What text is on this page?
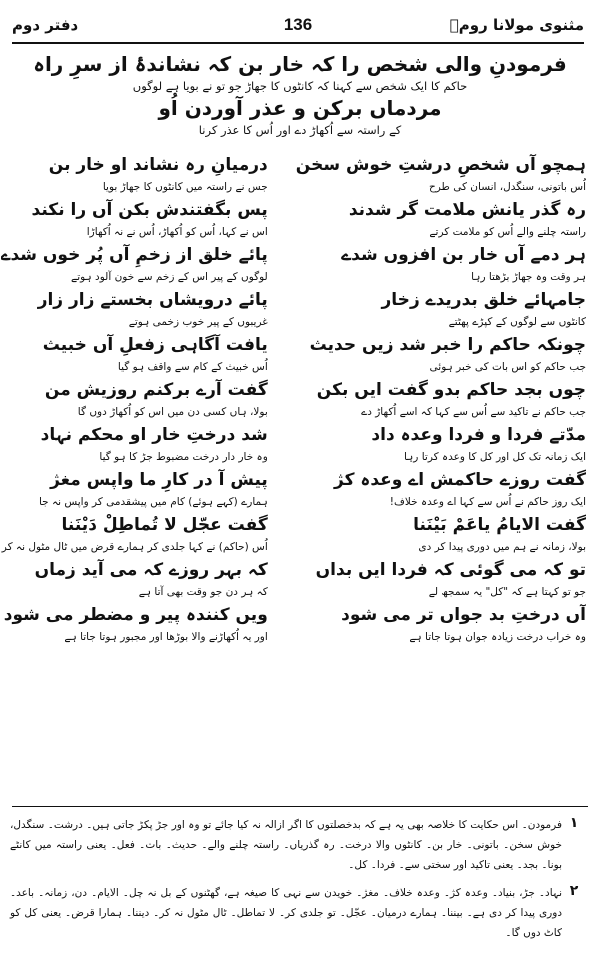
مثنوی مولانا رومؒ
136
دفتر دوم
فرمودنِ والی شخص را کہ خار بن کہ نشاندۂ از سرِ راہ
حاکم کا ایک شخص سے کہنا کہ کانٹوں کا جھاڑ جو تو نے بویا ہے لوگوں
مردماں برکن و عذر آوردن اُو
کے راستہ سے اُکھاڑ دے اور اُس کا عذر کرنا
ہمچو آں شخصِ درشتِ خوش سخن
اُس باتونی، سنگدل، انسان کی طرح
رہ گذر یانش ملامت گر شدند
راستہ چلنے والے اُس کو ملامت کرتے
ہر دمے آں خار بن افزوں شدے
ہر وقت وہ جھاڑ بڑھتا رہا
جامہائے خلق بدریدے زخار
کانٹوں سے لوگوں کے کپڑے پھٹتے
چونکہ حاکم را خبر شد زیں حدیث
جب حاکم کو اس بات کی خبر ہوئی
چوں بجد حاکم بدو گفت ایں بکن
جب حاکم نے تاکید سے اُس سے کہا کہ اسے اُکھاڑ دے
مدّتے فردا و فردا وعدہ داد
ایک زمانہ تک کل اور کل کا وعدہ کرتا رہا
گفت روزے حاکمش اے وعدہ کژ
ایک روز حاکم نے اُس سے کہا اے وعدہ خلاف!
گفت الایامُ یاعَمْ بَیْنَنا
بولا، زمانہ نے ہم میں دوری پیدا کر دی
تو کہ می گوئی کہ فردا ایں بداں
جو تو کہتا ہے کہ "کل" یہ سمجھ لے
آں درختِ بد جواں تر می شود
وہ خراب درخت زیادہ جوان ہوتا جاتا ہے
درمیانِ رہ نشاند او خار بن
جس نے راستہ میں کانٹوں کا جھاڑ بویا
پس بگفتندش بکن آں را نکند
اس نے کہا، اُس کو اُکھاڑ، اُس نے نہ اُکھاڑا
پائے خلق از زخمِ آں پُر خوں شدے
لوگوں کے پیر اس کے زخم سے خون آلود ہوتے
پائے درویشاں بخستے زار زار
غریبوں کے پیر خوب زخمی ہوتے
یافت آگاہی زفعلِ آں خبیث
اُس خبیث کے کام سے واقف ہو گیا
گفت آرے برکنم روزیش من
بولا، ہاں کسی دن میں اس کو اُکھاڑ دوں گا
شد درختِ خار او محکم نہاد
وہ خار دار درخت مضبوط جڑ کا ہو گیا
پیش آ در کارِ ما واپس مغژ
ہمارے (کہے ہوئے) کام میں پیشقدمی کر واپس نہ جا
گفت عجّل لا تُماطِلْ دَیْنَنا
اُس (حاکم) نے کہا جلدی کر ہمارے قرض میں ٹال مٹول نہ کر
کہ بہر روزے کہ می آید زماں
کہ ہر دن جو وقت بھی آتا ہے
ویں کنندہ پیر و مضطر می شود
اور یہ اُکھاڑنے والا بوڑھا اور مجبور ہوتا جاتا ہے
۱
فرمودن۔ اس حکایت کا خلاصہ بھی یہ ہے کہ بدخصلتوں کا اگر ازالہ نہ کیا جائے تو وہ اور جڑ پکڑ جاتی ہیں۔ درشت۔ سنگدل، خوش سخن۔ باتونی۔ خار بن۔ کانٹوں والا درخت۔ رہ گذریاں۔ راستہ چلنے والے۔ حدیث۔ بات۔ فعل۔ یعنی راستہ میں کانٹے بونا۔ بجد۔ یعنی تاکید اور سختی سے۔ فردا۔ کل۔
۲
نہاد۔ جڑ، بنیاد۔ وعدہ کژ۔ وعدہ خلاف۔ مغژ۔ خویدن سے نہی کا صیغہ ہے، گھٹنوں کے بل نہ چل۔ الایام۔ دن، زمانہ۔ باعد۔ دوری پیدا کر دی ہے۔ بیننا۔ ہمارے درمیان۔ عجّل۔ تو جلدی کر۔ لا تماطل۔ ٹال مٹول نہ کر۔ دیننا۔ ہمارا قرض۔ یعنی کل کو کاٹ دوں گا۔
